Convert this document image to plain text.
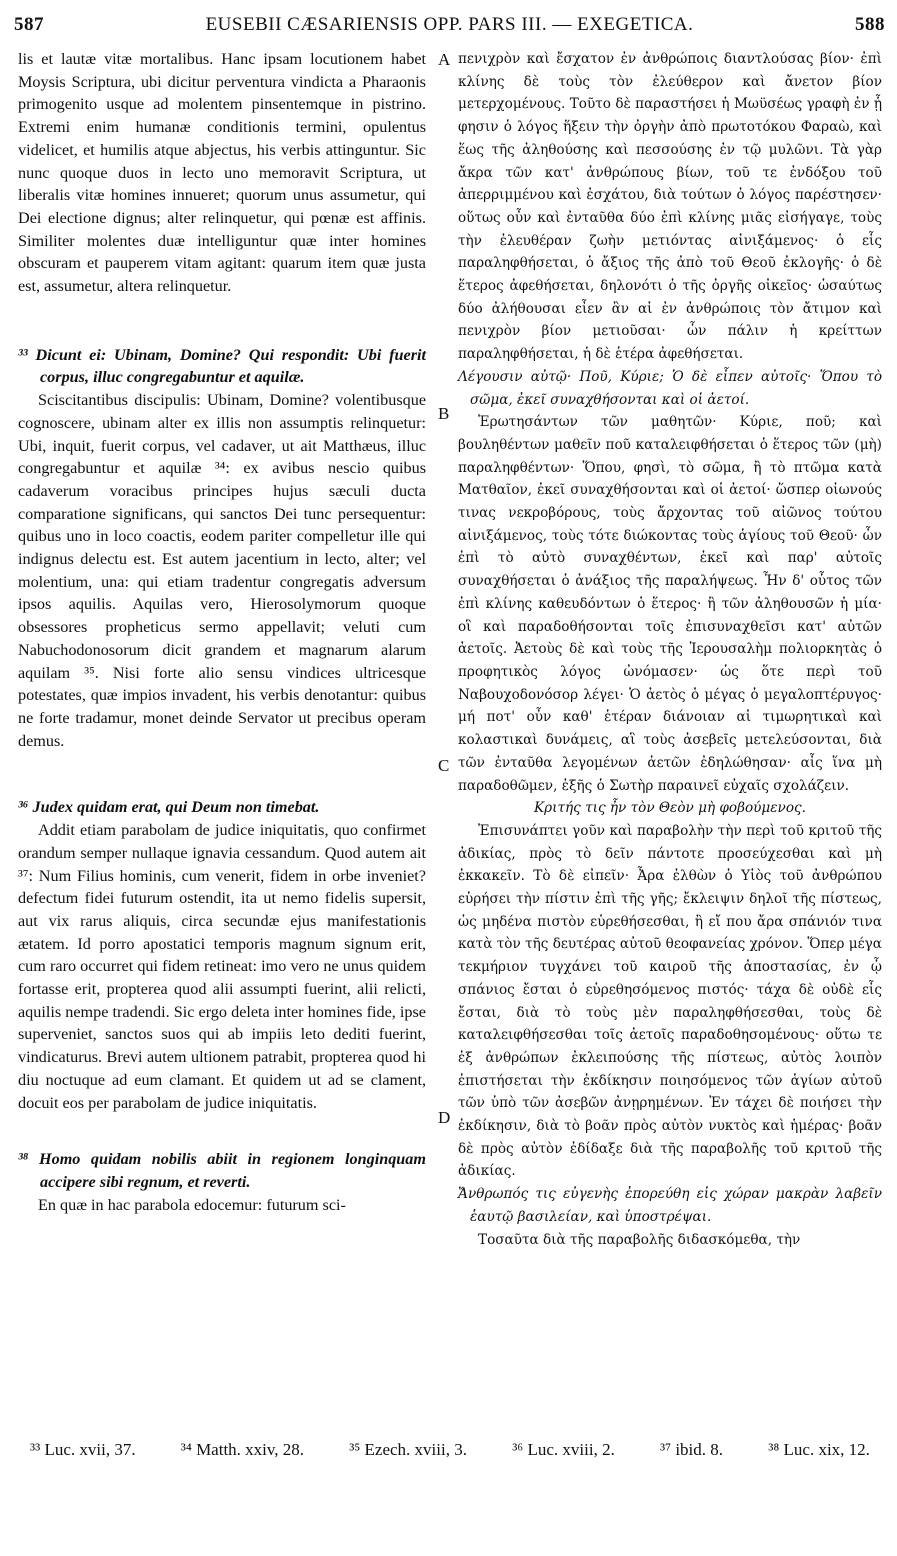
587	EUSEBII CÆSARIENSIS OPP. PARS III. — EXEGETICA.	588

lis et lautæ vitæ mortalibus. Hanc ipsam locutionem habet Moysis Scriptura, ubi dicitur perventura vindicta a Pharaonis primogenito usque ad molentem pinsentemque in pistrino. Extremi enim humanæ conditionis termini, opulentus videlicet, et humilis atque abjectus, his verbis attinguntur. Sic nunc quoque duos in lecto uno memoravit Scriptura, ut liberalis vitæ homines innueret; quorum unus assumetur, qui Dei electione dignus; alter relinquetur, qui pœnæ est affinis. Similiter molentes duæ intelliguntur quæ inter homines obscuram et pauperem vitam agitant: quarum item quæ justa est, assumetur, altera relinquetur.

³³ Dicunt ei: Ubinam, Domine? Qui respondit: Ubi fuerit corpus, illuc congregabuntur et aquilæ.

Sciscitantibus discipulis: Ubinam, Domine? volentibusque cognoscere, ubinam alter ex illis non assumptis relinquetur: Ubi, inquit, fuerit corpus, vel cadaver, ut ait Matthæus, illuc congregabuntur et aquilæ ³⁴: ex avibus nescio quibus cadaverum voracibus principes hujus sæculi ducta comparatione significans, qui sanctos Dei tunc persequentur: quibus uno in loco coactis, eodem pariter compelletur ille qui indignus delectu est. Est autem jacentium in lecto, alter; vel molentium, una: qui etiam tradentur congregatis adversum ipsos aquilis. Aquilas vero, Hierosolymorum quoque obsessores propheticus sermo appellavit; veluti cum Nabuchodonosorum dicit grandem et magnarum alarum aquilam ³⁵. Nisi forte alio sensu vindices ultricesque potestates, quæ impios invadent, his verbis denotantur: quibus ne forte tradamur, monet deinde Servator ut precibus operam demus.

³⁶ Judex quidam erat, qui Deum non timebat.

Addit etiam parabolam de judice iniquitatis, quo confirmet orandum semper nullaque ignavia cessandum. Quod autem ait ³⁷: Num Filius hominis, cum venerit, fidem in orbe inveniet? defectum fidei futurum ostendit, ita ut nemo fidelis supersit, aut vix rarus aliquis, circa secundæ ejus manifestationis ætatem. Id porro apostatici temporis magnum signum erit, cum raro occurret qui fidem retineat: imo vero ne unus quidem fortasse erit, propterea quod alii assumpti fuerint, alii relicti, aquilis nempe tradendi. Sic ergo deleta inter homines fide, ipse superveniet, sanctos suos qui ab impiis leto dediti fuerint, vindicaturus. Brevi autem ultionem patrabit, propterea quod hi diu noctuque ad eum clamant. Et quidem ut ad se clament, docuit eos per parabolam de judice iniquitatis.

³⁸ Homo quidam nobilis abiit in regionem longinquam accipere sibi regnum, et reverti.

En quæ in hac parabola edocemur: futurum sci-

A
B
C
D

πενιχρὸν καὶ ἔσχατον ἐν ἀνθρώποις διαντλούσας βίον· ἐπὶ κλίνης δὲ τοὺς τὸν ἐλεύθερον καὶ ἄνετον βίον μετερχομένους. Τοῦτο δὲ παραστήσει ἡ Μωϋσέως γραφὴ ἐν ᾗ φησιν ὁ λόγος ἥξειν τὴν ὀργὴν ἀπὸ πρωτοτόκου Φαραὼ, καὶ ἕως τῆς ἀληθούσης καὶ πεσσούσης ἐν τῷ μυλῶνι. Τὰ γὰρ ἄκρα τῶν κατ' ἀνθρώπους βίων, τοῦ τε ἐνδόξου τοῦ ἀπερριμμένου καὶ ἐσχάτου, διὰ τούτων ὁ λόγος παρέστησεν· οὕτως οὖν καὶ ἐνταῦθα δύο ἐπὶ κλίνης μιᾶς εἰσήγαγε, τοὺς τὴν ἐλευθέραν ζωὴν μετιόντας αἰνιξάμενος· ὁ εἷς παραληφθήσεται, ὁ ἄξιος τῆς ἀπὸ τοῦ Θεοῦ ἐκλογῆς· ὁ δὲ ἕτερος ἀφεθήσεται, δηλονότι ὁ τῆς ὀργῆς οἰκεῖος· ὡσαύτως δύο ἀλήθουσαι εἶεν ἂν αἱ ἐν ἀνθρώποις τὸν ἄτιμον καὶ πενιχρὸν βίον μετιοῦσαι· ὧν πάλιν ἡ κρείττων παραληφθήσεται, ἡ δὲ ἑτέρα ἀφεθήσεται.

Λέγουσιν αὐτῷ· Ποῦ, Κύριε; Ὁ δὲ εἶπεν αὐτοῖς· Ὅπου τὸ σῶμα, ἐκεῖ συναχθήσονται καὶ οἱ ἀετοί.

Ἐρωτησάντων τῶν μαθητῶν· Κύριε, ποῦ; καὶ βουληθέντων μαθεῖν ποῦ καταλειφθήσεται ὁ ἕτερος τῶν (μὴ) παραληφθέντων· Ὅπου, φησὶ, τὸ σῶμα, ἢ τὸ πτῶμα κατὰ Ματθαῖον, ἐκεῖ συναχθήσονται καὶ οἱ ἀετοί· ὥσπερ οἰωνούς τινας νεκροβόρους, τοὺς ἄρχοντας τοῦ αἰῶνος τούτου αἰνιξάμενος, τοὺς τότε διώκοντας τοὺς ἁγίους τοῦ Θεοῦ· ὧν ἐπὶ τὸ αὐτὸ συναχθέντων, ἐκεῖ καὶ παρ' αὐτοῖς συναχθήσεται ὁ ἀνάξιος τῆς παραλήψεως. Ἦν δ' οὗτος τῶν ἐπὶ κλίνης καθευδόντων ὁ ἕτερος· ἢ τῶν ἀληθουσῶν ἡ μία· οἳ καὶ παραδοθήσονται τοῖς ἐπισυναχθεῖσι κατ' αὐτῶν ἀετοῖς. Ἀετοὺς δὲ καὶ τοὺς τῆς Ἱερουσαλὴμ πολιορκητὰς ὁ προφητικὸς λόγος ὠνόμασεν· ὡς ὅτε περὶ τοῦ Ναβουχοδονόσορ λέγει· Ὁ ἀετὸς ὁ μέγας ὁ μεγαλοπτέρυγος· μή ποτ' οὖν καθ' ἑτέραν διάνοιαν αἱ τιμωρητικαὶ καὶ κολαστικαὶ δυνάμεις, αἳ τοὺς ἀσεβεῖς μετελεύσονται, διὰ τῶν ἐνταῦθα λεγομένων ἀετῶν ἐδηλώθησαν· αἷς ἵνα μὴ παραδοθῶμεν, ἑξῆς ὁ Σωτὴρ παραινεῖ εὐχαῖς σχολάζειν.

Κριτής τις ἦν τὸν Θεὸν μὴ φοβούμενος.

Ἐπισυνάπτει γοῦν καὶ παραβολὴν τὴν περὶ τοῦ κριτοῦ τῆς ἀδικίας, πρὸς τὸ δεῖν πάντοτε προσεύχεσθαι καὶ μὴ ἐκκακεῖν. Τὸ δὲ εἰπεῖν· Ἆρα ἐλθὼν ὁ Υἱὸς τοῦ ἀνθρώπου εὑρήσει τὴν πίστιν ἐπὶ τῆς γῆς; ἔκλειψιν δηλοῖ τῆς πίστεως, ὡς μηδένα πιστὸν εὑρεθήσεσθαι, ἢ εἴ που ἄρα σπάνιόν τινα κατὰ τὸν τῆς δευτέρας αὐτοῦ θεοφανείας χρόνον. Ὅπερ μέγα τεκμήριον τυγχάνει τοῦ καιροῦ τῆς ἀποστασίας, ἐν ᾧ σπάνιος ἔσται ὁ εὑρεθησόμενος πιστός· τάχα δὲ οὐδὲ εἷς ἔσται, διὰ τὸ τοὺς μὲν παραληφθήσεσθαι, τοὺς δὲ καταλειφθήσεσθαι τοῖς ἀετοῖς παραδοθησομένους· οὕτω τε ἐξ ἀνθρώπων ἐκλειπούσης τῆς πίστεως, αὐτὸς λοιπὸν ἐπιστήσεται τὴν ἐκδίκησιν ποιησόμενος τῶν ἁγίων αὐτοῦ τῶν ὑπὸ τῶν ἀσεβῶν ἀνῃρημένων. Ἐν τάχει δὲ ποιήσει τὴν ἐκδίκησιν, διὰ τὸ βοᾶν πρὸς αὐτὸν νυκτὸς καὶ ἡμέρας· βοᾶν δὲ πρὸς αὐτὸν ἐδίδαξε διὰ τῆς παραβολῆς τοῦ κριτοῦ τῆς ἀδικίας.

Ἄνθρωπός τις εὐγενὴς ἐπορεύθη εἰς χώραν μακρὰν λαβεῖν ἑαυτῷ βασιλείαν, καὶ ὑποστρέψαι.

Τοσαῦτα διὰ τῆς παραβολῆς διδασκόμεθα, τὴν

³³ Luc. xvii, 37.	³⁴ Matth. xxiv, 28.	³⁵ Ezech. xviii, 3.	³⁶ Luc. xviii, 2.	³⁷ ibid. 8.	³⁸ Luc. xix, 12.
